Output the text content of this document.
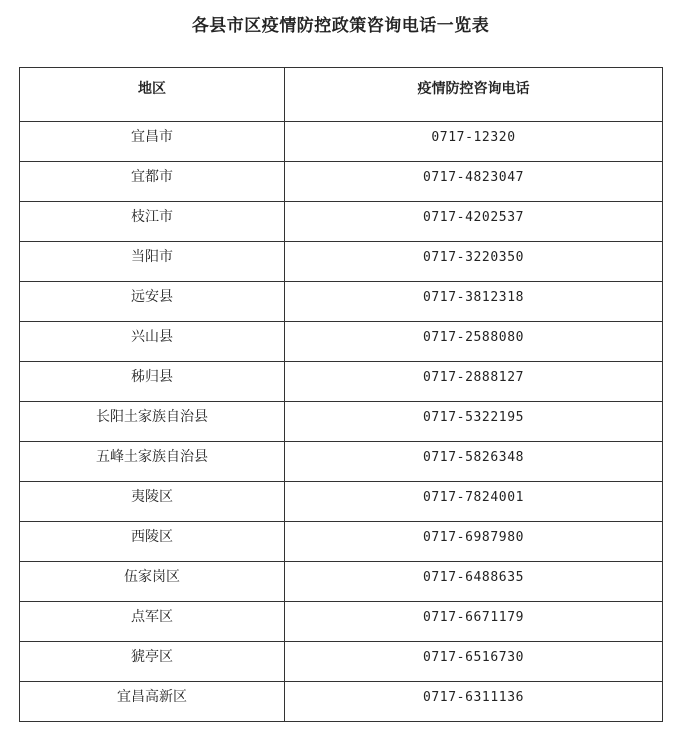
各县市区疫情防控政策咨询电话一览表
地区	疫情防控咨询电话
宜昌市	0717-12320
宜都市	0717-4823047
枝江市	0717-4202537
当阳市	0717-3220350
远安县	0717-3812318
兴山县	0717-2588080
秭归县	0717-2888127
长阳土家族自治县	0717-5322195
五峰土家族自治县	0717-5826348
夷陵区	0717-7824001
西陵区	0717-6987980
伍家岗区	0717-6488635
点军区	0717-6671179
猇亭区	0717-6516730
宜昌高新区	0717-6311136
